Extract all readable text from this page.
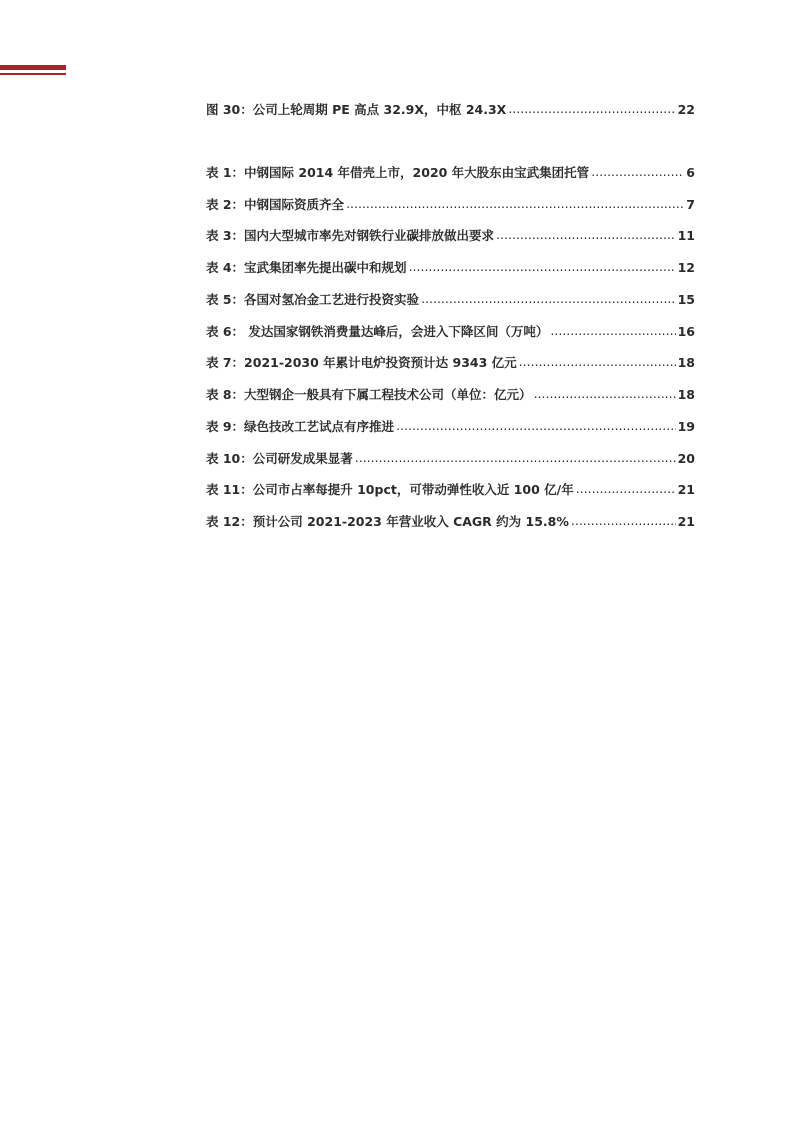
图 30：公司上轮周期 PE 高点 32.9X，中枢 24.3X .....	22
表 1：中钢国际 2014 年借壳上市，2020 年大股东由宝武集团托管 .....	6
表 2：中钢国际资质齐全 .....	7
表 3：国内大型城市率先对钢铁行业碳排放做出要求 .....	11
表 4：宝武集团率先提出碳中和规划 .....	12
表 5：各国对氢冶金工艺进行投资实验 .....	15
表 6： 发达国家钢铁消费量达峰后，会进入下降区间（万吨） .....	16
表 7：2021-2030 年累计电炉投资预计达 9343 亿元 .....	18
表 8：大型钢企一般具有下属工程技术公司（单位：亿元） .....	18
表 9：绿色技改工艺试点有序推进 .....	19
表 10：公司研发成果显著 .....	20
表 11：公司市占率每提升 10pct，可带动弹性收入近 100 亿/年 .....	21
表 12：预计公司 2021-2023 年营业收入 CAGR 约为 15.8% .....	21
